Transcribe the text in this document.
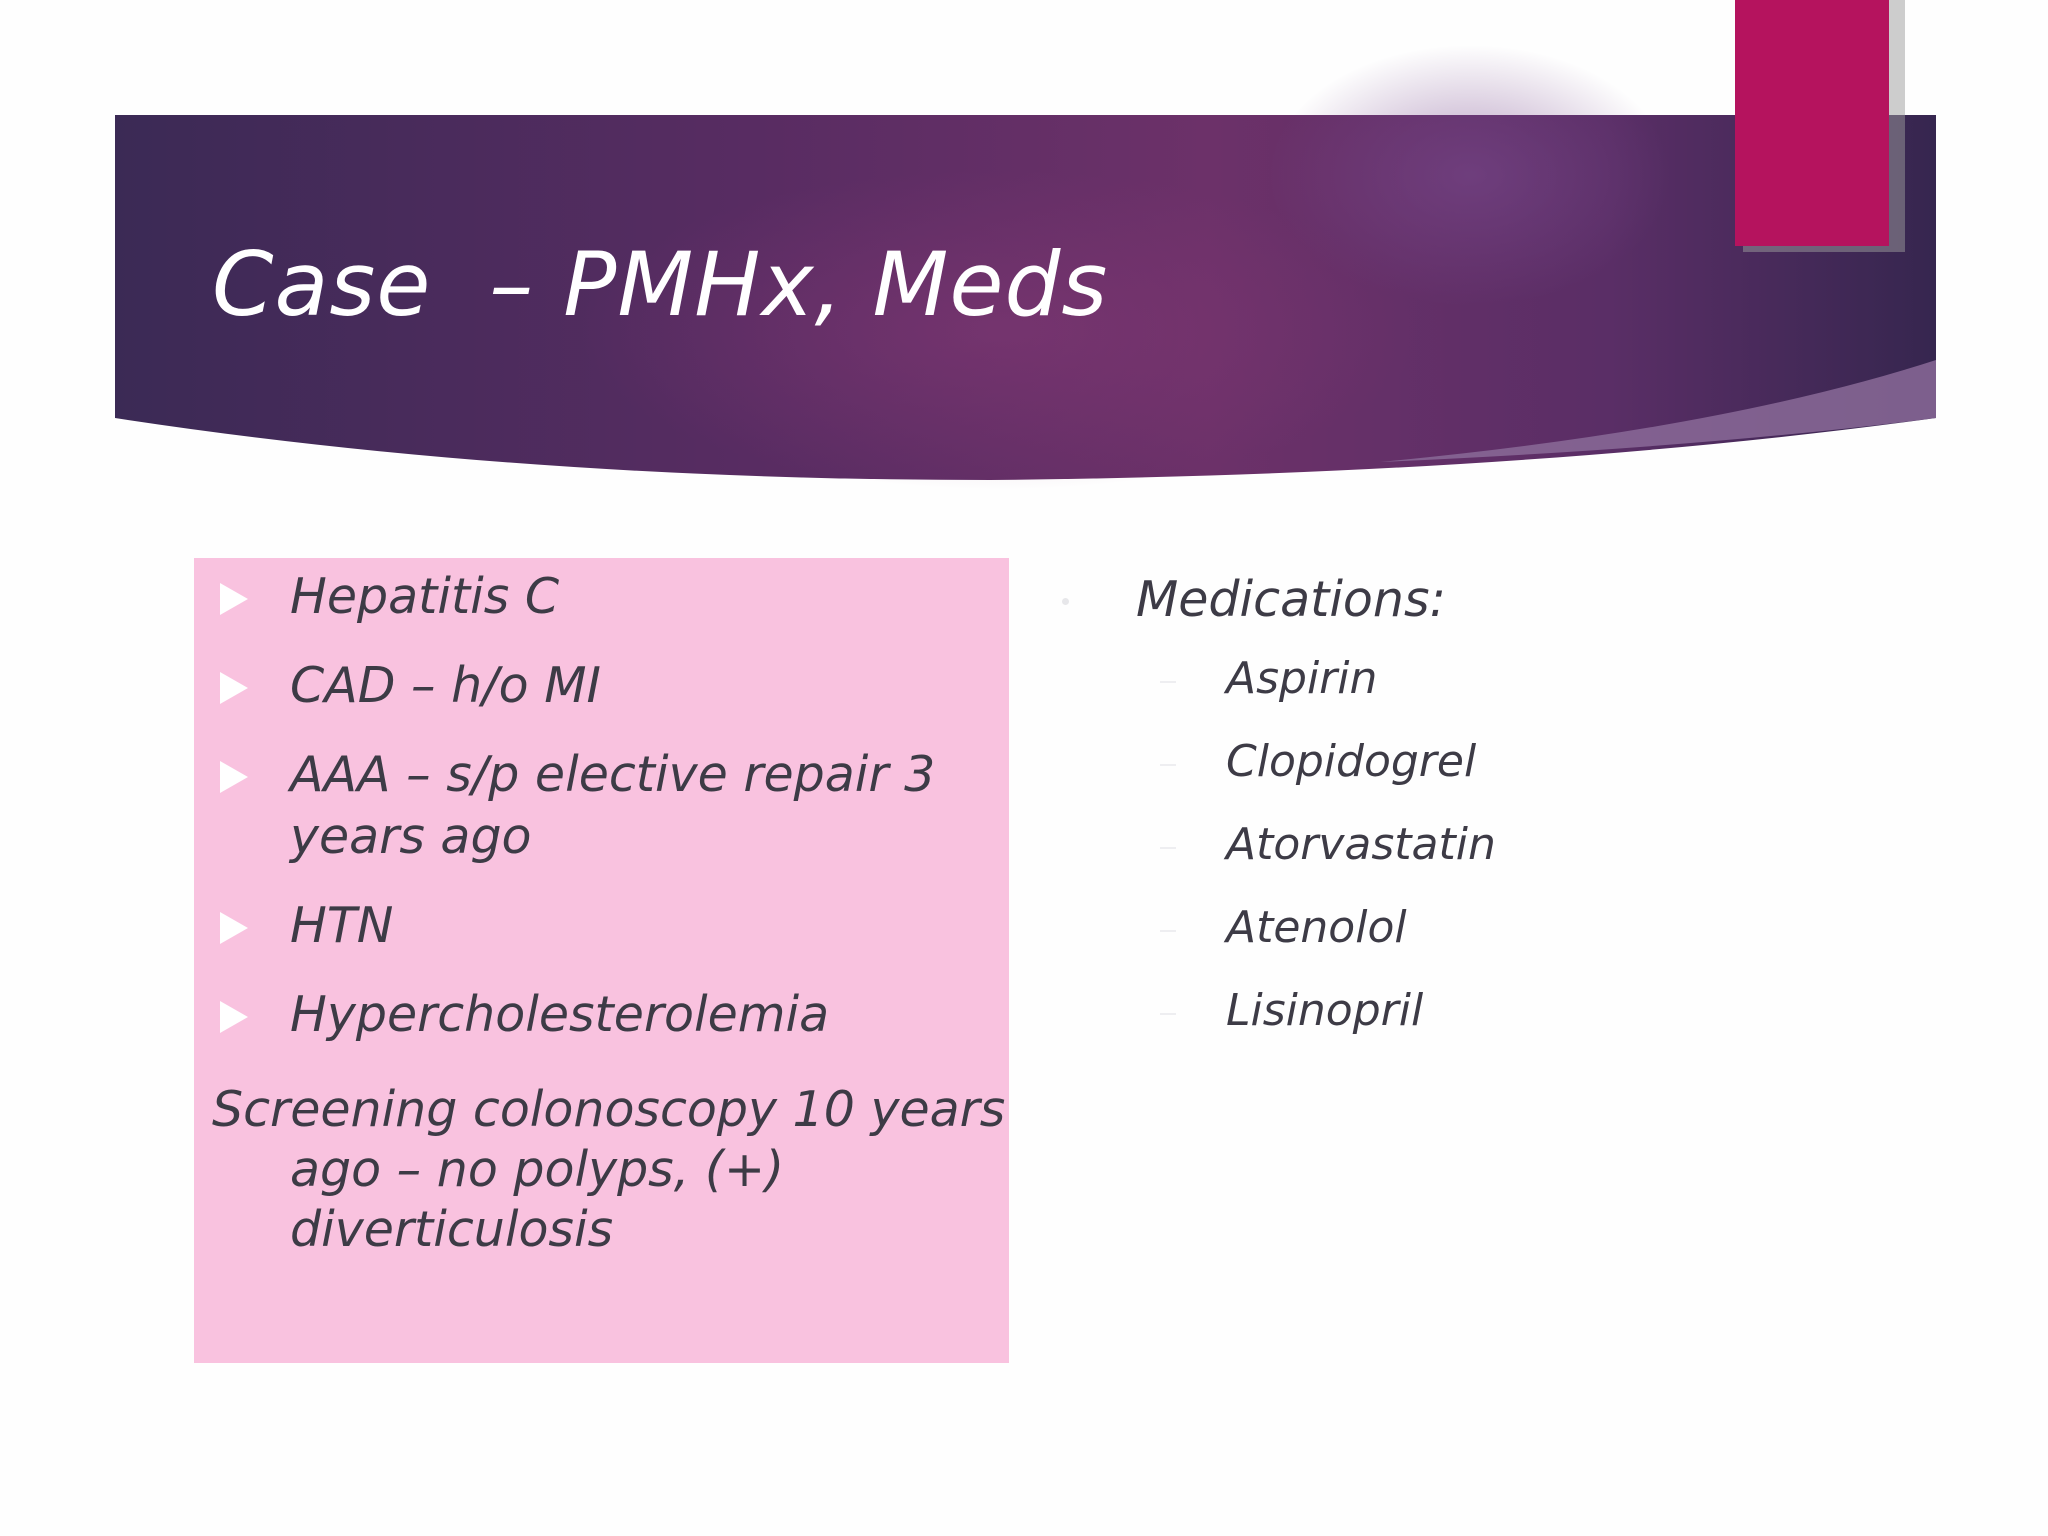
Case  – PMHx, Meds
Hepatitis C
CAD – h/o MI
AAA – s/p elective repair 3 years ago
HTN
Hypercholesterolemia

Screening colonoscopy 10 years ago – no polyps, (+) diverticulosis

Medications:
Aspirin
Clopidogrel
Atorvastatin
Atenolol
Lisinopril
